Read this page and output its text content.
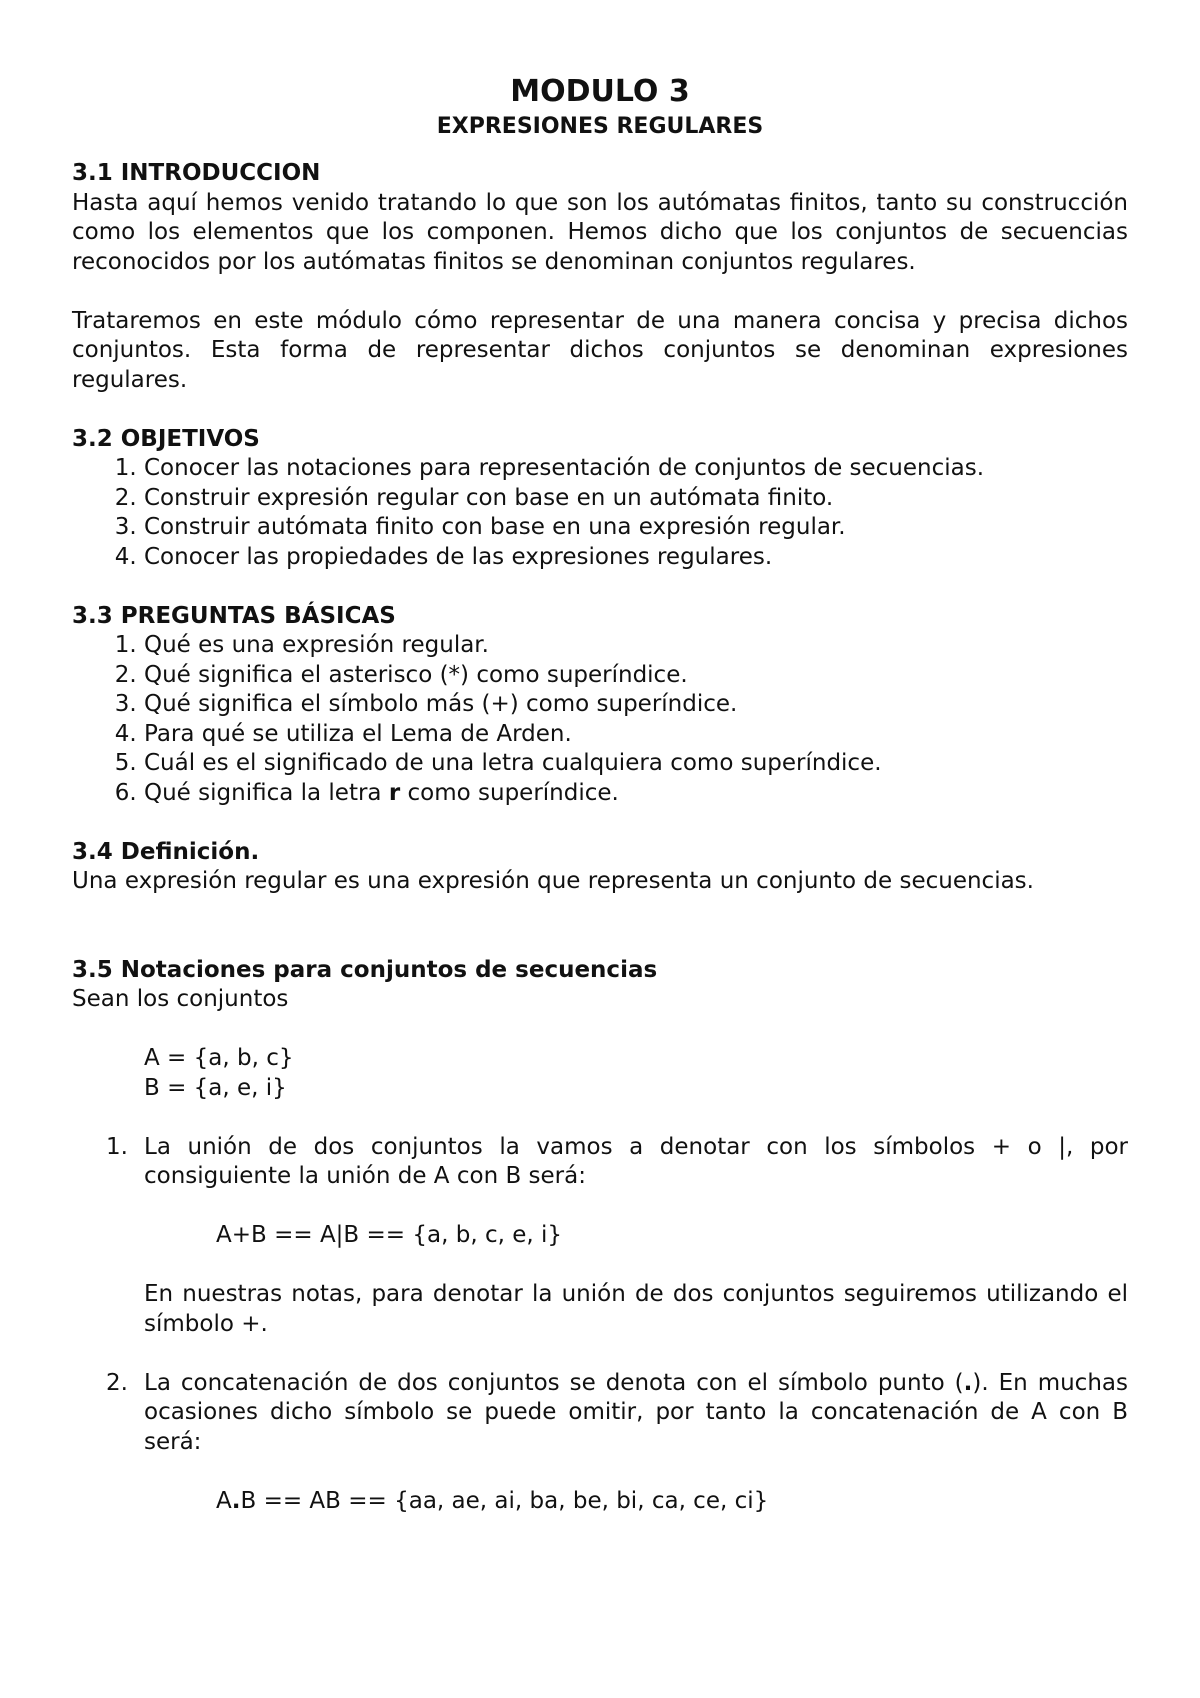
MODULO 3
EXPRESIONES REGULARES
3.1 INTRODUCCION

Hasta aquí hemos venido tratando lo que son los autómatas finitos, tanto su construcción como los elementos que los componen. Hemos dicho que los conjuntos de secuencias reconocidos por los autómatas finitos se denominan conjuntos regulares.

Trataremos en este módulo cómo representar de una manera concisa y precisa dichos conjuntos. Esta forma de representar dichos conjuntos se denominan expresiones regulares.

3.2 OBJETIVOS
1. Conocer las notaciones para representación de conjuntos de secuencias.
2. Construir expresión regular con base en un autómata finito.
3. Construir autómata finito con base en una expresión regular.
4. Conocer las propiedades de las expresiones regulares.
3.3 PREGUNTAS BÁSICAS
1. Qué es una expresión regular.
2. Qué significa el asterisco (*) como superíndice.
3. Qué significa el símbolo más (+) como superíndice.
4. Para qué se utiliza el Lema de Arden.
5. Cuál es el significado de una letra cualquiera como superíndice.
6. Qué significa la letra r como superíndice.
3.4 Definición.

Una expresión regular es una expresión que representa un conjunto de secuencias.

3.5 Notaciones para conjuntos de secuencias

Sean los conjuntos

A = {a, b, c}

B = {a, e, i}

1. La unión de dos conjuntos la vamos a denotar con los símbolos + o |, por consiguiente la unión de A con B será:

A+B == A|B == {a, b, c, e, i}

En nuestras notas, para denotar la unión de dos conjuntos seguiremos utilizando el símbolo +.

2. La concatenación de dos conjuntos se denota con el símbolo punto (.). En muchas ocasiones dicho símbolo se puede omitir, por tanto la concatenación de A con B será:

A.B == AB == {aa, ae, ai, ba, be, bi, ca, ce, ci}
